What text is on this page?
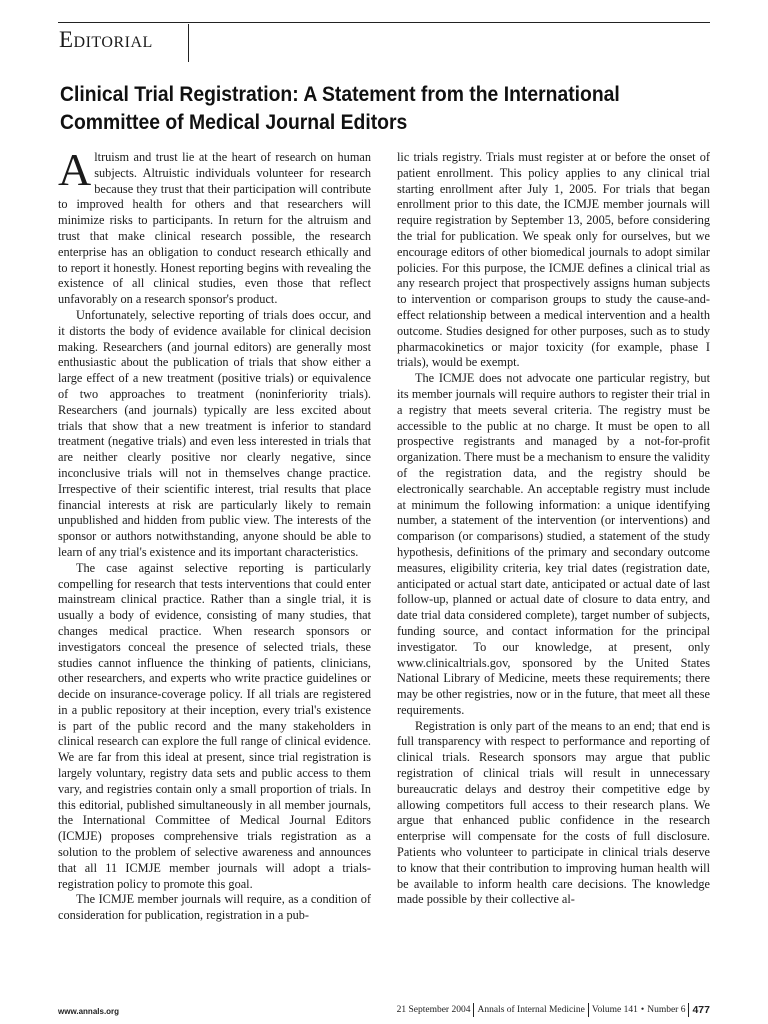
Editorial
Clinical Trial Registration: A Statement from the International Committee of Medical Journal Editors

Altruism and trust lie at the heart of research on human subjects. Altruistic individuals volunteer for research because they trust that their participation will contribute to improved health for others and that researchers will minimize risks to participants. In return for the altruism and trust that make clinical research possible, the research enterprise has an obligation to conduct research ethically and to report it honestly. Honest reporting begins with revealing the existence of all clinical studies, even those that reflect unfavorably on a research sponsor's product.

Unfortunately, selective reporting of trials does occur, and it distorts the body of evidence available for clinical decision making. Researchers (and journal editors) are generally most enthusiastic about the publication of trials that show either a large effect of a new treatment (positive trials) or equivalence of two approaches to treatment (noninferiority trials). Researchers (and journals) typically are less excited about trials that show that a new treatment is inferior to standard treatment (negative trials) and even less interested in trials that are neither clearly positive nor clearly negative, since inconclusive trials will not in themselves change practice. Irrespective of their scientific interest, trial results that place financial interests at risk are particularly likely to remain unpublished and hidden from public view. The interests of the sponsor or authors notwithstanding, anyone should be able to learn of any trial's existence and its important characteristics.

The case against selective reporting is particularly compelling for research that tests interventions that could enter mainstream clinical practice. Rather than a single trial, it is usually a body of evidence, consisting of many studies, that changes medical practice. When research sponsors or investigators conceal the presence of selected trials, these studies cannot influence the thinking of patients, clinicians, other researchers, and experts who write practice guidelines or decide on insurance-coverage policy. If all trials are registered in a public repository at their inception, every trial's existence is part of the public record and the many stakeholders in clinical research can explore the full range of clinical evidence. We are far from this ideal at present, since trial registration is largely voluntary, registry data sets and public access to them vary, and registries contain only a small proportion of trials. In this editorial, published simultaneously in all member journals, the International Committee of Medical Journal Editors (ICMJE) proposes comprehensive trials registration as a solution to the problem of selective awareness and announces that all 11 ICMJE member journals will adopt a trials-registration policy to promote this goal.

The ICMJE member journals will require, as a condition of consideration for publication, registration in a pub-

lic trials registry. Trials must register at or before the onset of patient enrollment. This policy applies to any clinical trial starting enrollment after July 1, 2005. For trials that began enrollment prior to this date, the ICMJE member journals will require registration by September 13, 2005, before considering the trial for publication. We speak only for ourselves, but we encourage editors of other biomedical journals to adopt similar policies. For this purpose, the ICMJE defines a clinical trial as any research project that prospectively assigns human subjects to intervention or comparison groups to study the cause-and-effect relationship between a medical intervention and a health outcome. Studies designed for other purposes, such as to study pharmacokinetics or major toxicity (for example, phase I trials), would be exempt.

The ICMJE does not advocate one particular registry, but its member journals will require authors to register their trial in a registry that meets several criteria. The registry must be accessible to the public at no charge. It must be open to all prospective registrants and managed by a not-for-profit organization. There must be a mechanism to ensure the validity of the registration data, and the registry should be electronically searchable. An acceptable registry must include at minimum the following information: a unique identifying number, a statement of the intervention (or interventions) and comparison (or comparisons) studied, a statement of the study hypothesis, definitions of the primary and secondary outcome measures, eligibility criteria, key trial dates (registration date, anticipated or actual start date, anticipated or actual date of last follow-up, planned or actual date of closure to data entry, and date trial data considered complete), target number of subjects, funding source, and contact information for the principal investigator. To our knowledge, at present, only www.clinicaltrials.gov, sponsored by the United States National Library of Medicine, meets these requirements; there may be other registries, now or in the future, that meet all these requirements.

Registration is only part of the means to an end; that end is full transparency with respect to performance and reporting of clinical trials. Research sponsors may argue that public registration of clinical trials will result in unnecessary bureaucratic delays and destroy their competitive edge by allowing competitors full access to their research plans. We argue that enhanced public confidence in the research enterprise will compensate for the costs of full disclosure. Patients who volunteer to participate in clinical trials deserve to know that their contribution to improving human health will be available to inform health care decisions. The knowledge made possible by their collective al-

www.annals.org	21 September 2004 Annals of Internal Medicine Volume 141 • Number 6 477
